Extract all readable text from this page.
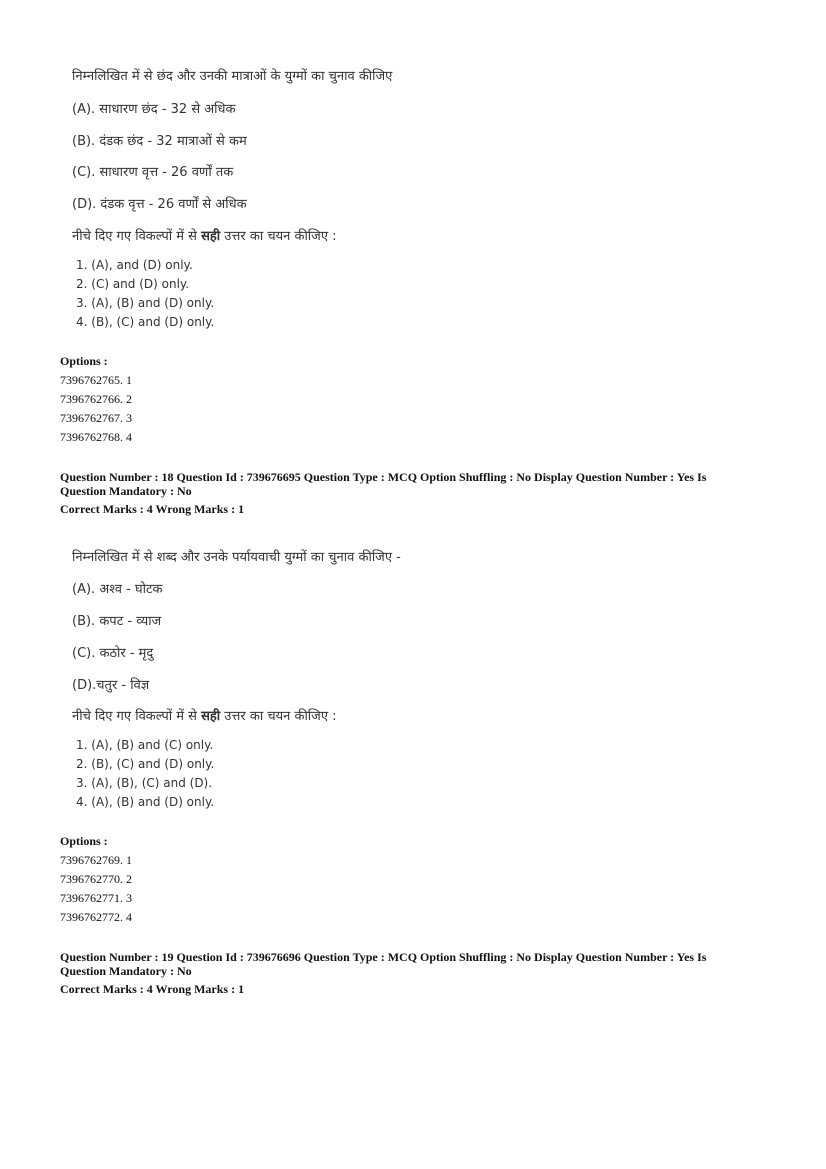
निम्नलिखित में से छंद और उनकी मात्राओं के युग्मों का चुनाव कीजिए
(A). साधारण छंद - 32 से अधिक
(B). दंडक छंद - 32 मात्राओं से कम
(C). साधारण वृत्त - 26 वर्णों तक
(D). दंडक वृत्त - 26 वर्णों से अधिक
नीचे दिए गए विकल्पों में से सही उत्तर का चयन कीजिए :
1. (A), and (D) only.
2. (C) and (D) only.
3. (A), (B) and (D) only.
4. (B), (C) and (D) only.
Options :
7396762765. 1
7396762766. 2
7396762767. 3
7396762768. 4
Question Number : 18 Question Id : 739676695 Question Type : MCQ Option Shuffling : No Display Question Number : Yes Is
Question Mandatory : No
Correct Marks : 4 Wrong Marks : 1
निम्नलिखित में से शब्द और उनके पर्यायवाची युग्मों का चुनाव कीजिए -
(A). अश्व - घोटक
(B). कपट - व्याज
(C). कठोर - मृदु
(D).चतुर - विज्ञ
नीचे दिए गए विकल्पों में से सही उत्तर का चयन कीजिए :
1. (A), (B) and (C) only.
2. (B), (C) and (D) only.
3. (A), (B), (C) and (D).
4. (A), (B) and (D) only.
Options :
7396762769. 1
7396762770. 2
7396762771. 3
7396762772. 4
Question Number : 19 Question Id : 739676696 Question Type : MCQ Option Shuffling : No Display Question Number : Yes Is
Question Mandatory : No
Correct Marks : 4 Wrong Marks : 1
